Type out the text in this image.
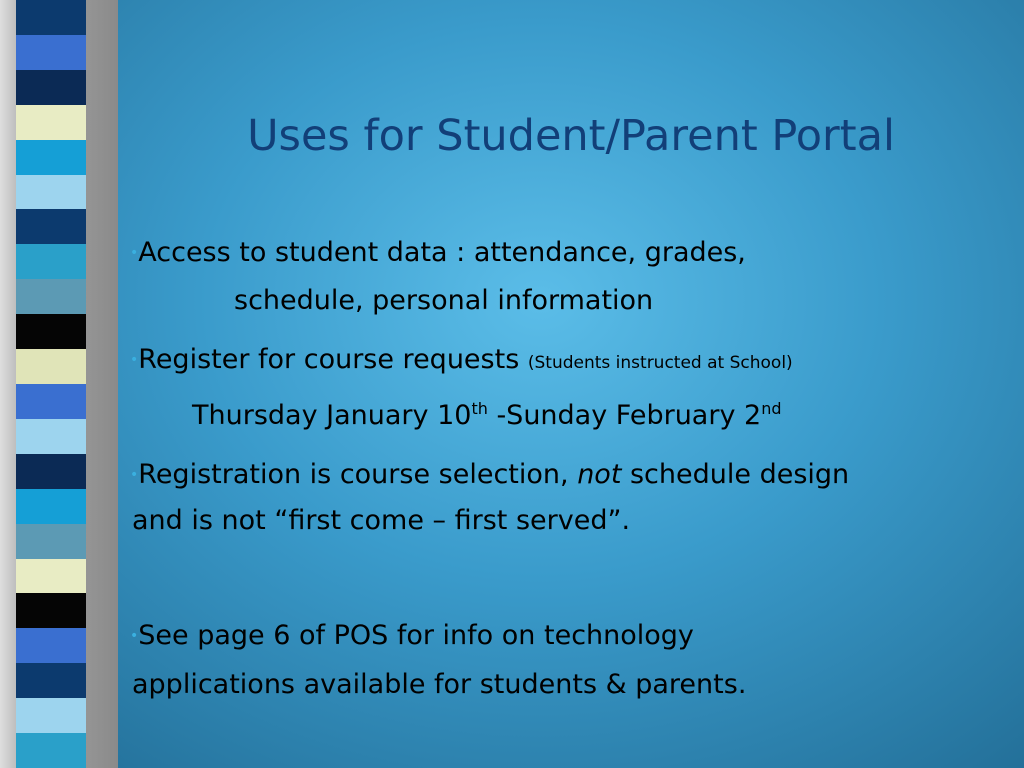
Uses for Student/Parent Portal
•Access to student data : attendance, grades,
schedule, personal information
•Register for course requests (Students instructed at School)
Thursday January 10th -Sunday February 2nd
•Registration is course selection, not schedule design
and is not “first come – first served”.
•See page 6 of POS for info on technology
applications available for students & parents.
